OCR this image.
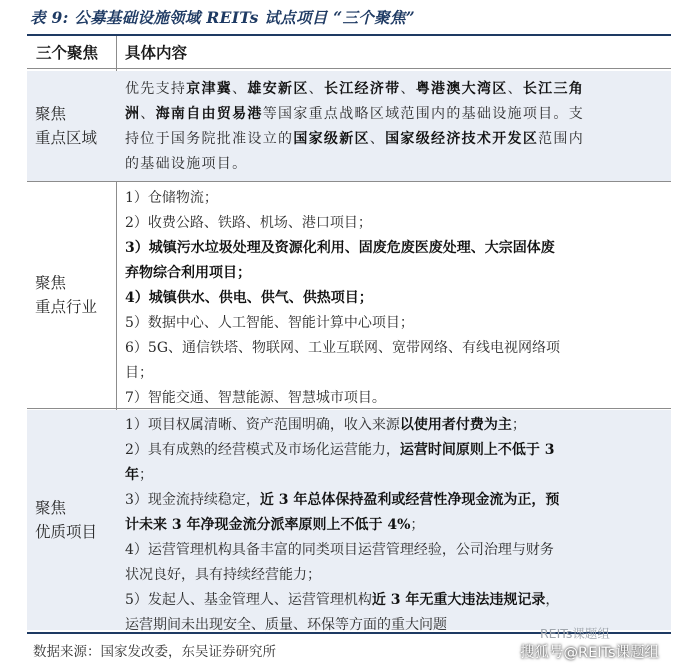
表 9: 公募基础设施领域 REITs 试点项目 “三个聚焦”
三个聚焦 具体内容
聚焦
重点区域

优先支持京津冀、雄安新区、长江经济带、粤港澳大湾区、长江三角

洲、海南自由贸易港等国家重点战略区域范围内的基础设施项目。支

持位于国务院批准设立的国家级新区、国家级经济技术开发区范围内

的基础设施项目。

聚焦
重点行业

1）仓储物流；

2）收费公路、铁路、机场、港口项目；

3）城镇污水垃圾处理及资源化利用、固废危废医废处理、大宗固体废

弃物综合利用项目；

4）城镇供水、供电、供气、供热项目；

5）数据中心、人工智能、智能计算中心项目；

6）5G、通信铁塔、物联网、工业互联网、宽带网络、有线电视网络项

目；

7）智能交通、智慧能源、智慧城市项目。

聚焦
优质项目

1）项目权属清晰、资产范围明确，收入来源以使用者付费为主；

2）具有成熟的经营模式及市场化运营能力，运营时间原则上不低于 3

年；

3）现金流持续稳定，近 3 年总体保持盈利或经营性净现金流为正，预

计未来 3 年净现金流分派率原则上不低于 4%；

4）运营管理机构具备丰富的同类项目运营管理经验，公司治理与财务

状况良好，具有持续经营能力；

5）发起人、基金管理人、运营管理机构近 3 年无重大违法违规记录，

运营期间未出现安全、质量、环保等方面的重大问题

数据来源：国家发改委，东吴证券研究所
REITs课题组
搜狐号@REITs课题组
